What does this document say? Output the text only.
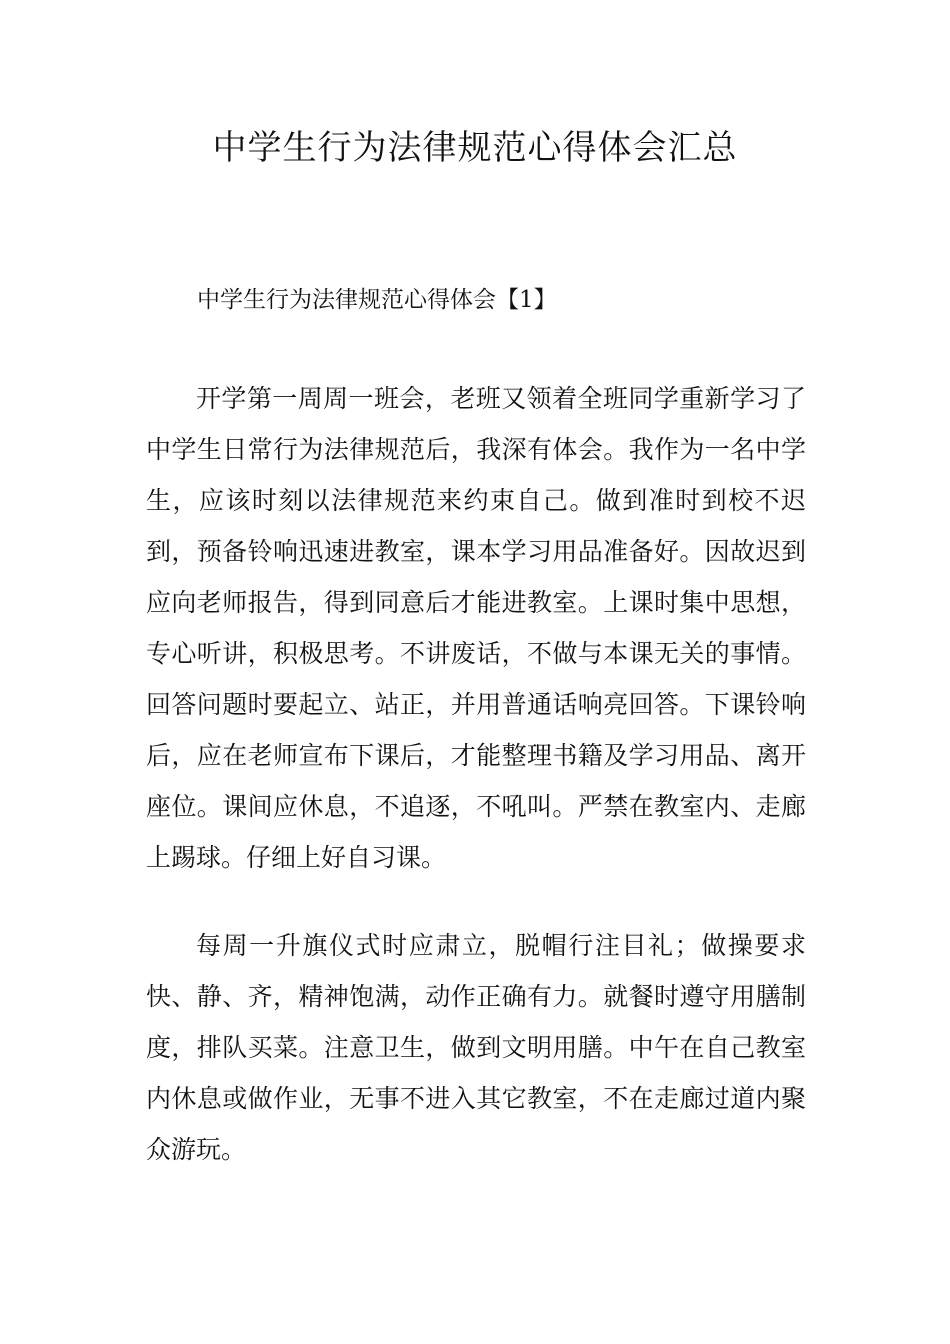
中学生行为法律规范心得体会汇总
中学生行为法律规范心得体会【1】

开学第一周周一班会，老班又领着全班同学重新学习了中学生日常行为法律规范后，我深有体会。我作为一名中学生，应该时刻以法律规范来约束自己。做到准时到校不迟到，预备铃响迅速进教室，课本学习用品准备好。因故迟到应向老师报告，得到同意后才能进教室。上课时集中思想，专心听讲，积极思考。不讲废话，不做与本课无关的事情。回答问题时要起立、站正，并用普通话响亮回答。下课铃响后，应在老师宣布下课后，才能整理书籍及学习用品、离开座位。课间应休息，不追逐，不吼叫。严禁在教室内、走廊上踢球。仔细上好自习课。

每周一升旗仪式时应肃立，脱帽行注目礼；做操要求快、静、齐，精神饱满，动作正确有力。就餐时遵守用膳制度，排队买菜。注意卫生，做到文明用膳。中午在自己教室内休息或做作业，无事不进入其它教室，不在走廊过道内聚众游玩。
